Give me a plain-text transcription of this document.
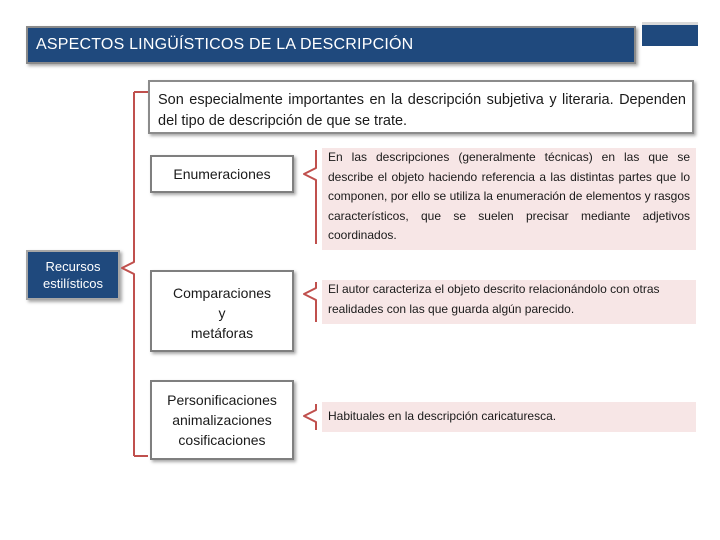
ASPECTOS LINGÜÍSTICOS DE LA DESCRIPCIÓN
Son especialmente importantes en la descripción subjetiva y literaria. Dependen del tipo de descripción de que se trate.
Recursos estilísticos
Enumeraciones
Comparaciones
y
metáforas
Personificaciones
animalizaciones
cosificaciones
En las descripciones (generalmente técnicas) en las que se describe el objeto haciendo referencia a las distintas partes que lo componen, por ello se utiliza la enumeración de elementos y rasgos característicos, que se suelen precisar mediante adjetivos coordinados.
El autor caracteriza el objeto descrito relacionándolo con otras realidades con las que guarda algún parecido.
Habituales en la descripción caricaturesca.
